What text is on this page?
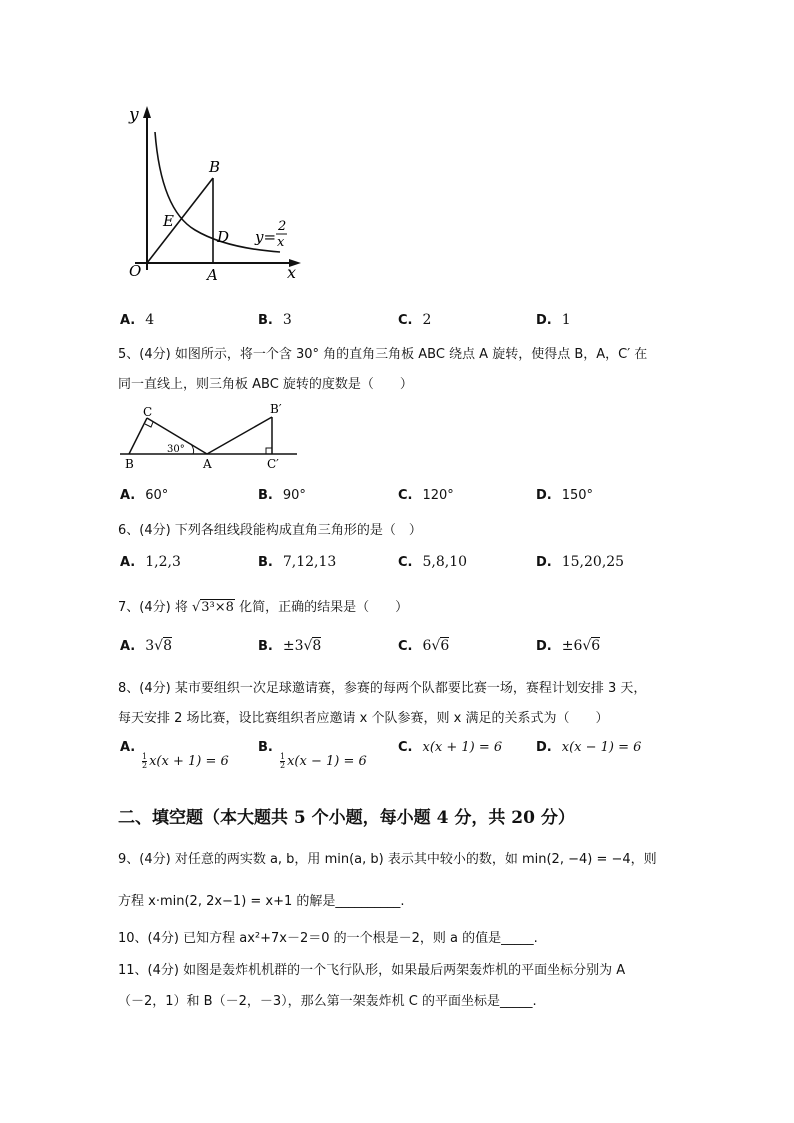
y
x
O	A
B
D
E
y=
2
x
A. 4	B. 3	C. 2	D. 1
5、(4分) 如图所示，将一个含 30° 角的直角三角板 ABC 绕点 A 旋转，使得点 B，A，C′ 在
同一直线上，则三角板 ABC 旋转的度数是（　　）
B
C
A
B′
C′
30°
A. 60°	B. 90°	C. 120°	D. 150°
6、(4分) 下列各组线段能构成直角三角形的是（　）
A. 1,2,3	B. 7,12,13	C. 5,8,10	D. 15,20,25
7、(4分) 将 √3³×8 化简，正确的结果是（　　）
A. 3√8	B. ±3√8	C. 6√6	D. ±6√6
8、(4分) 某市要组织一次足球邀请赛，参赛的每两个队都要比赛一场，赛程计划安排 3 天，
每天安排 2 场比赛，设比赛组织者应邀请 x 个队参赛，则 x 满足的关系式为（　　）
A.
$\frac{1}{2} x(x + 1) = 6$
B.
$\frac{1}{2} x(x - 1) = 6$
C. x(x + 1) = 6	D. x(x − 1) = 6
二、填空题（本大题共 5 个小题，每小题 4 分，共 20 分）
9、(4分) 对任意的两实数 a, b，用 min(a, b) 表示其中较小的数，如 min(2, −4) = −4，则
方程 x·min(2, 2x−1) = x+1 的解是__________.
10、(4分) 已知方程 ax²+7x－2＝0 的一个根是－2，则 a 的值是_____.
11、(4分) 如图是轰炸机机群的一个飞行队形，如果最后两架轰炸机的平面坐标分别为 A
（－2，1）和 B（－2，－3），那么第一架轰炸机 C 的平面坐标是_____.
